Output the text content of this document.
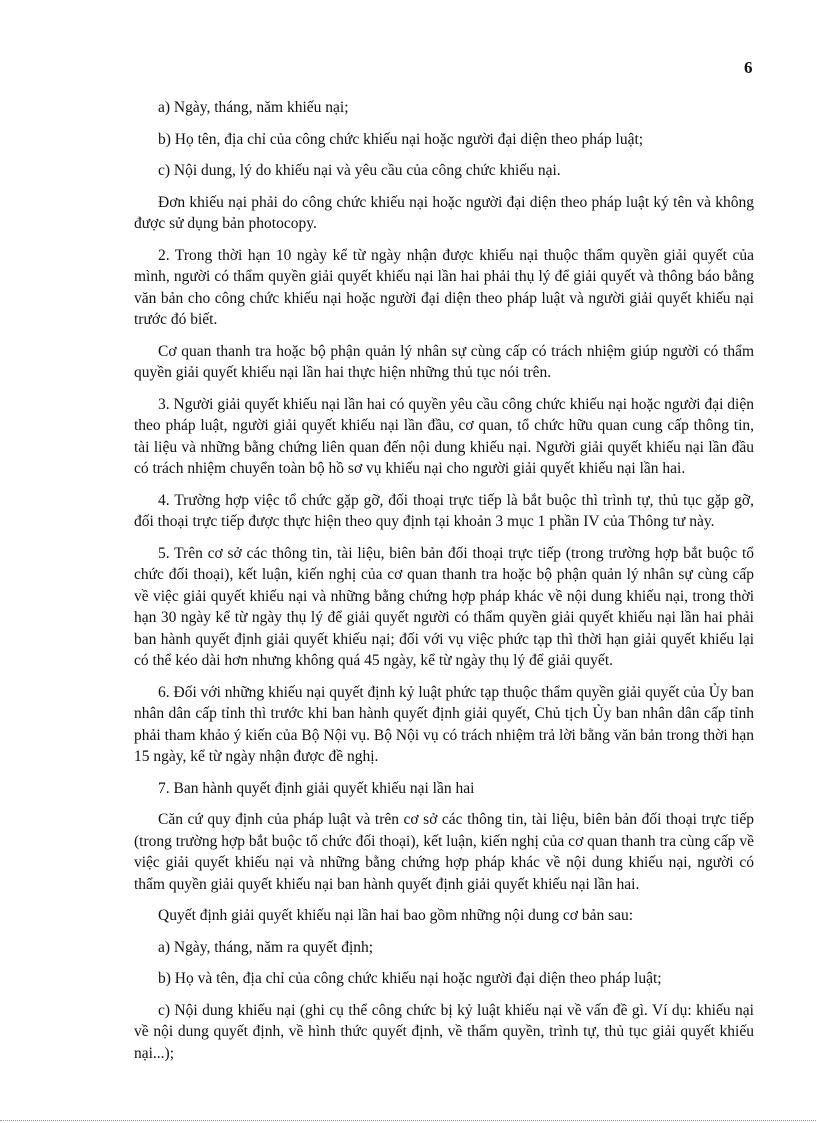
6

a) Ngày, tháng, năm khiếu nại;

b) Họ tên, địa chỉ của công chức khiếu nại hoặc người đại diện theo pháp luật;

c) Nội dung, lý do khiếu nại và yêu cầu của công chức khiếu nại.

Đơn khiếu nại phải do công chức khiếu nại hoặc người đại diện theo pháp luật ký tên và không được sử dụng bản photocopy.

2. Trong thời hạn 10 ngày kể từ ngày nhận được khiếu nại thuộc thẩm quyền giải quyết của mình, người có thẩm quyền giải quyết khiếu nại lần hai phải thụ lý để giải quyết và thông báo bằng văn bản cho công chức khiếu nại hoặc người đại diện theo pháp luật và người giải quyết khiếu nại trước đó biết.

Cơ quan thanh tra hoặc bộ phận quản lý nhân sự cùng cấp có trách nhiệm giúp người có thẩm quyền giải quyết khiếu nại lần hai thực hiện những thủ tục nói trên.

3. Người giải quyết khiếu nại lần hai có quyền yêu cầu công chức khiếu nại hoặc người đại diện theo pháp luật, người giải quyết khiếu nại lần đầu, cơ quan, tổ chức hữu quan cung cấp thông tin, tài liệu và những bằng chứng liên quan đến nội dung khiếu nại. Người giải quyết khiếu nại lần đầu có trách nhiệm chuyển toàn bộ hồ sơ vụ khiếu nại cho người giải quyết khiếu nại lần hai.

4. Trường hợp việc tổ chức gặp gỡ, đối thoại trực tiếp là bắt buộc thì trình tự, thủ tục gặp gỡ, đối thoại trực tiếp được thực hiện theo quy định tại khoản 3 mục 1 phần IV của Thông tư này.

5. Trên cơ sở các thông tin, tài liệu, biên bản đối thoại trực tiếp (trong trường hợp bắt buộc tổ chức đối thoại), kết luận, kiến nghị của cơ quan thanh tra hoặc bộ phận quản lý nhân sự cùng cấp về việc giải quyết khiếu nại và những bằng chứng hợp pháp khác về nội dung khiếu nại, trong thời hạn 30 ngày kể từ ngày thụ lý để giải quyết người có thẩm quyền giải quyết khiếu nại lần hai phải ban hành quyết định giải quyết khiếu nại; đối với vụ việc phức tạp thì thời hạn giải quyết khiếu lại có thể kéo dài hơn nhưng không quá 45 ngày, kể từ ngày thụ lý để giải quyết.

6. Đối với những khiếu nại quyết định kỷ luật phức tạp thuộc thẩm quyền giải quyết của Ủy ban nhân dân cấp tỉnh thì trước khi ban hành quyết định giải quyết, Chủ tịch Ủy ban nhân dân cấp tỉnh phải tham khảo ý kiến của Bộ Nội vụ. Bộ Nội vụ có trách nhiệm trả lời bằng văn bản trong thời hạn 15 ngày, kể từ ngày nhận được đề nghị.

7. Ban hành quyết định giải quyết khiếu nại lần hai

Căn cứ quy định của pháp luật và trên cơ sở các thông tin, tài liệu, biên bản đối thoại trực tiếp (trong trường hợp bắt buộc tổ chức đối thoại), kết luận, kiến nghị của cơ quan thanh tra cùng cấp về việc giải quyết khiếu nại và những bằng chứng hợp pháp khác về nội dung khiếu nại, người có thẩm quyền giải quyết khiếu nại ban hành quyết định giải quyết khiếu nại lần hai.

Quyết định giải quyết khiếu nại lần hai bao gồm những nội dung cơ bản sau:

a) Ngày, tháng, năm ra quyết định;

b) Họ và tên, địa chỉ của công chức khiếu nại hoặc người đại diện theo pháp luật;

c) Nội dung khiếu nại (ghi cụ thể công chức bị kỷ luật khiếu nại về vấn đề gì. Ví dụ: khiếu nại về nội dung quyết định, về hình thức quyết định, về thẩm quyền, trình tự, thủ tục giải quyết khiếu nại...);
